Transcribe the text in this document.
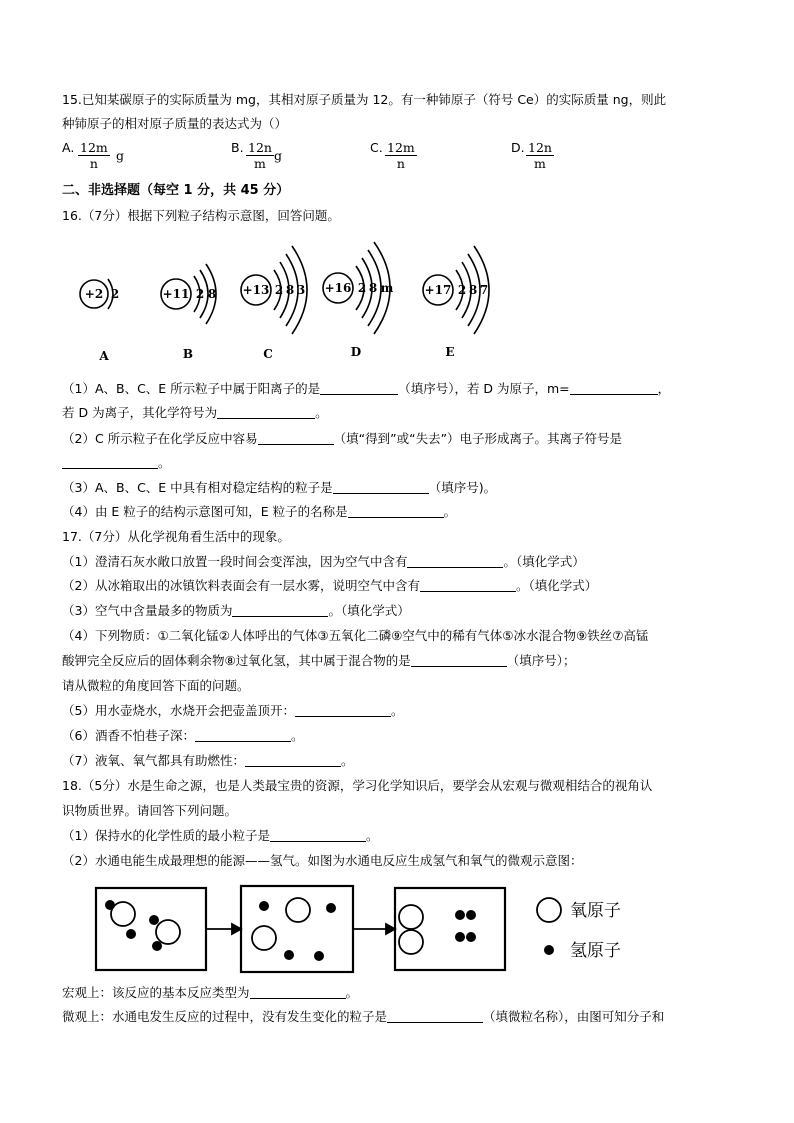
15.已知某碳原子的实际质量为 mg，其相对原子质量为 12。有一种铈原子（符号 Ce）的实际质量 ng，则此
种铈原子的相对原子质量的表达式为（）
A. $\frac{12m}{n}$ g
B. $\frac{12n}{m}$ g
C. $\frac{12m}{n}$	D. $\frac{12n}{m}$
二、非选择题（每空 1 分，共 45 分）
16.（7分）根据下列粒子结构示意图，回答问题。
+2 2	+11 2 8 +13 2 8 3 +16 2 8 m	+17 2 8 7
A	B	C	D	E
（1）A、B、C、E 所示粒子中属于阳离子的是	（填序号），若 D 为原子，m=	，
若 D 为离子，其化学符号为	。
（2）C 所示粒子在化学反应中容易	（填“得到”或“失去”）电子形成离子。其离子符号是
。
（3）A、B、C、E 中具有相对稳定结构的粒子是	（填序号)。
（4）由 E 粒子的结构示意图可知，E 粒子的名称是	。
17.（7分）从化学视角看生活中的现象。
（1）澄清石灰水敞口放置一段时间会变浑浊，因为空气中含有	。（填化学式）
（2）从冰箱取出的冰镇饮料表面会有一层水雾，说明空气中含有	。（填化学式）
（3）空气中含量最多的物质为	。（填化学式）
（4）下列物质：①二氧化锰②人体呼出的气体③五氧化二磷⑨空气中的稀有气体⑤冰水混合物⑨铁丝⑦高锰
酸钾完全反应后的固体剩余物⑧过氧化氢，其中属于混合物的是	（填序号）；
请从微粒的角度回答下面的问题。
（5）用水壶烧水，水烧开会把壶盖顶开：	。
（6）酒香不怕巷子深：	。
（7）液氧、氧气都具有助燃性：	。
18.（5分）水是生命之源，也是人类最宝贵的资源，学习化学知识后，要学会从宏观与微观相结合的视角认
识物质世界。请回答下列问题。
（1）保持水的化学性质的最小粒子是	。
（2）水通电能生成最理想的能源——氢气。如图为水通电反应生成氢气和氧气的微观示意图：
氧原子
氢原子
宏观上：该反应的基本反应类型为	。
微观上：水通电发生反应的过程中，没有发生变化的粒子是	（填微粒名称），由图可知分子和
